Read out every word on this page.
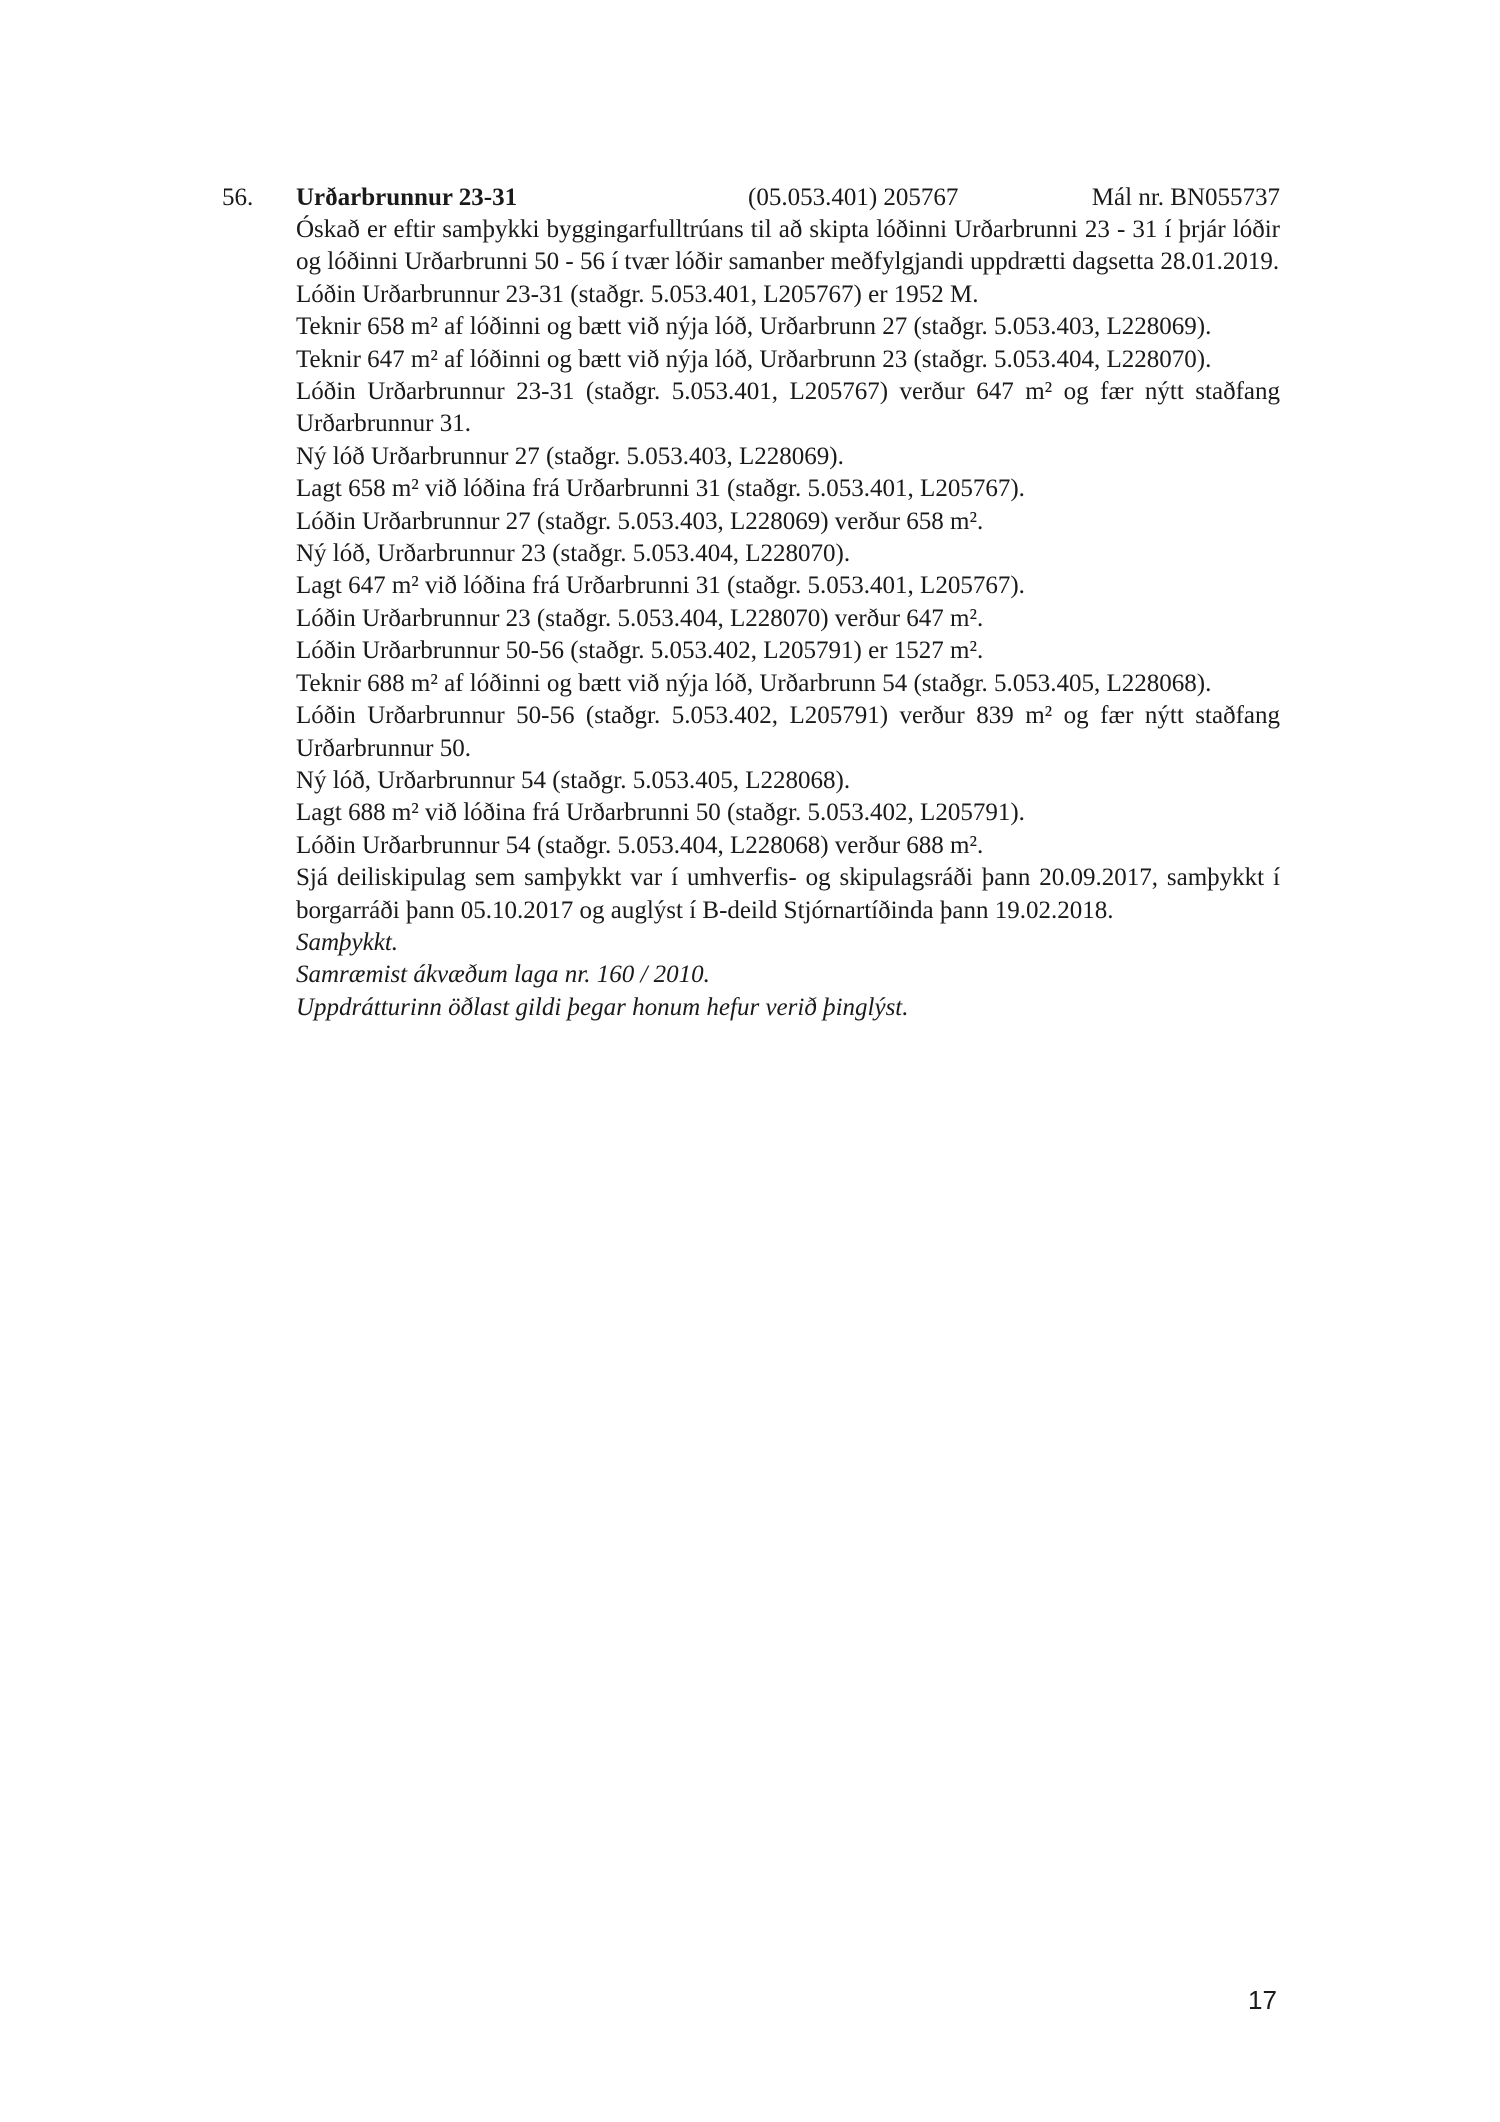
56. Urðarbrunnur 23-31	(05.053.401) 205767	Mál nr. BN055737

Óskað er eftir samþykki byggingarfulltrúans til að skipta lóðinni Urðarbrunni 23 - 31 í þrjár lóðir og lóðinni Urðarbrunni 50 - 56 í tvær lóðir samanber meðfylgjandi uppdrætti dagsetta 28.01.2019.

Lóðin Urðarbrunnur 23-31 (staðgr. 5.053.401, L205767) er 1952 M.

Teknir 658 m² af lóðinni og bætt við nýja lóð, Urðarbrunn 27 (staðgr. 5.053.403, L228069).

Teknir 647 m² af lóðinni og bætt við nýja lóð, Urðarbrunn 23 (staðgr. 5.053.404, L228070).

Lóðin Urðarbrunnur 23-31 (staðgr. 5.053.401, L205767) verður 647 m² og fær nýtt staðfang Urðarbrunnur 31.

Ný lóð Urðarbrunnur 27 (staðgr. 5.053.403, L228069).

Lagt 658 m² við lóðina frá Urðarbrunni 31 (staðgr. 5.053.401, L205767).

Lóðin Urðarbrunnur 27 (staðgr. 5.053.403, L228069) verður 658 m².

Ný lóð, Urðarbrunnur 23 (staðgr. 5.053.404, L228070).

Lagt 647 m² við lóðina frá Urðarbrunni 31 (staðgr. 5.053.401, L205767).

Lóðin Urðarbrunnur 23 (staðgr. 5.053.404, L228070) verður 647 m².

Lóðin Urðarbrunnur 50-56 (staðgr. 5.053.402, L205791) er 1527 m².

Teknir 688 m² af lóðinni og bætt við nýja lóð, Urðarbrunn 54 (staðgr. 5.053.405, L228068).

Lóðin Urðarbrunnur 50-56 (staðgr. 5.053.402, L205791) verður 839 m² og fær nýtt staðfang Urðarbrunnur 50.

Ný lóð, Urðarbrunnur 54 (staðgr. 5.053.405, L228068).

Lagt 688 m² við lóðina frá Urðarbrunni 50 (staðgr. 5.053.402, L205791).

Lóðin Urðarbrunnur 54 (staðgr. 5.053.404, L228068) verður 688 m².

Sjá deiliskipulag sem samþykkt var í umhverfis- og skipulagsráði þann 20.09.2017, samþykkt í borgarráði þann 05.10.2017 og auglýst í B-deild Stjórnartíðinda þann 19.02.2018.

Samþykkt.

Samræmist ákvæðum laga nr. 160 / 2010.

Uppdrátturinn öðlast gildi þegar honum hefur verið þinglýst.

17
